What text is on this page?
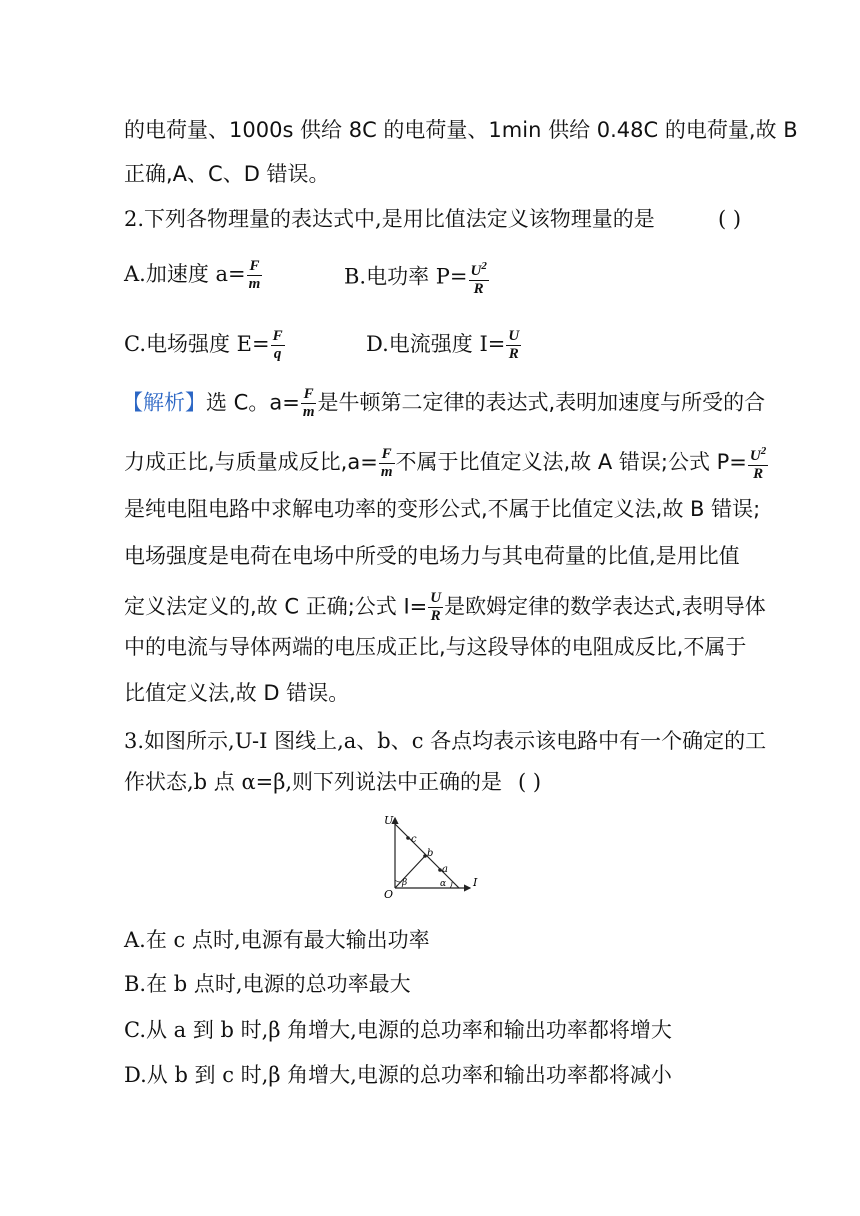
的电荷量、1000s 供给 8C 的电荷量、1min 供给 0.48C 的电荷量,故 B
正确,A、C、D 错误。
2.下列各物理量的表达式中,是用比值法定义该物理量的是	( )
A.加速度 $a= \frac{F}{m}$	B.电功率 $P= \frac{U^2}{R}$
C.电场强度 $E= \frac{F}{q}$	D.电流强度 $I= \frac{U}{R}$
【解析】选 C。$a= \frac{F}{m}$ 是牛顿第二定律的表达式,表明加速度与所受的合
力成正比,与质量成反比$,a= \frac{F}{m}$ 不属于比值定义法,故 A 错误;公式 $P= \frac{U^2}{R}$
是纯电阻电路中求解电功率的变形公式,不属于比值定义法,故 B 错误;
电场强度是电荷在电场中所受的电场力与其电荷量的比值,是用比值
定义法定义的,故 C 正确;公式 $I= \frac{U}{R}$ 是欧姆定律的数学表达式,表明导体
中的电流与导体两端的电压成正比,与这段导体的电阻成反比,不属于
比值定义法,故 D 错误。
3.如图所示,U-I 图线上,a、b、c 各点均表示该电路中有一个确定的工
作状态,b 点 α=β,则下列说法中正确的是 ( )
U
I
O
c
b
a
β	α
A.在 c 点时,电源有最大输出功率
B.在 b 点时,电源的总功率最大
C.从 a 到 b 时,β 角增大,电源的总功率和输出功率都将增大
D.从 b 到 c 时,β 角增大,电源的总功率和输出功率都将减小
